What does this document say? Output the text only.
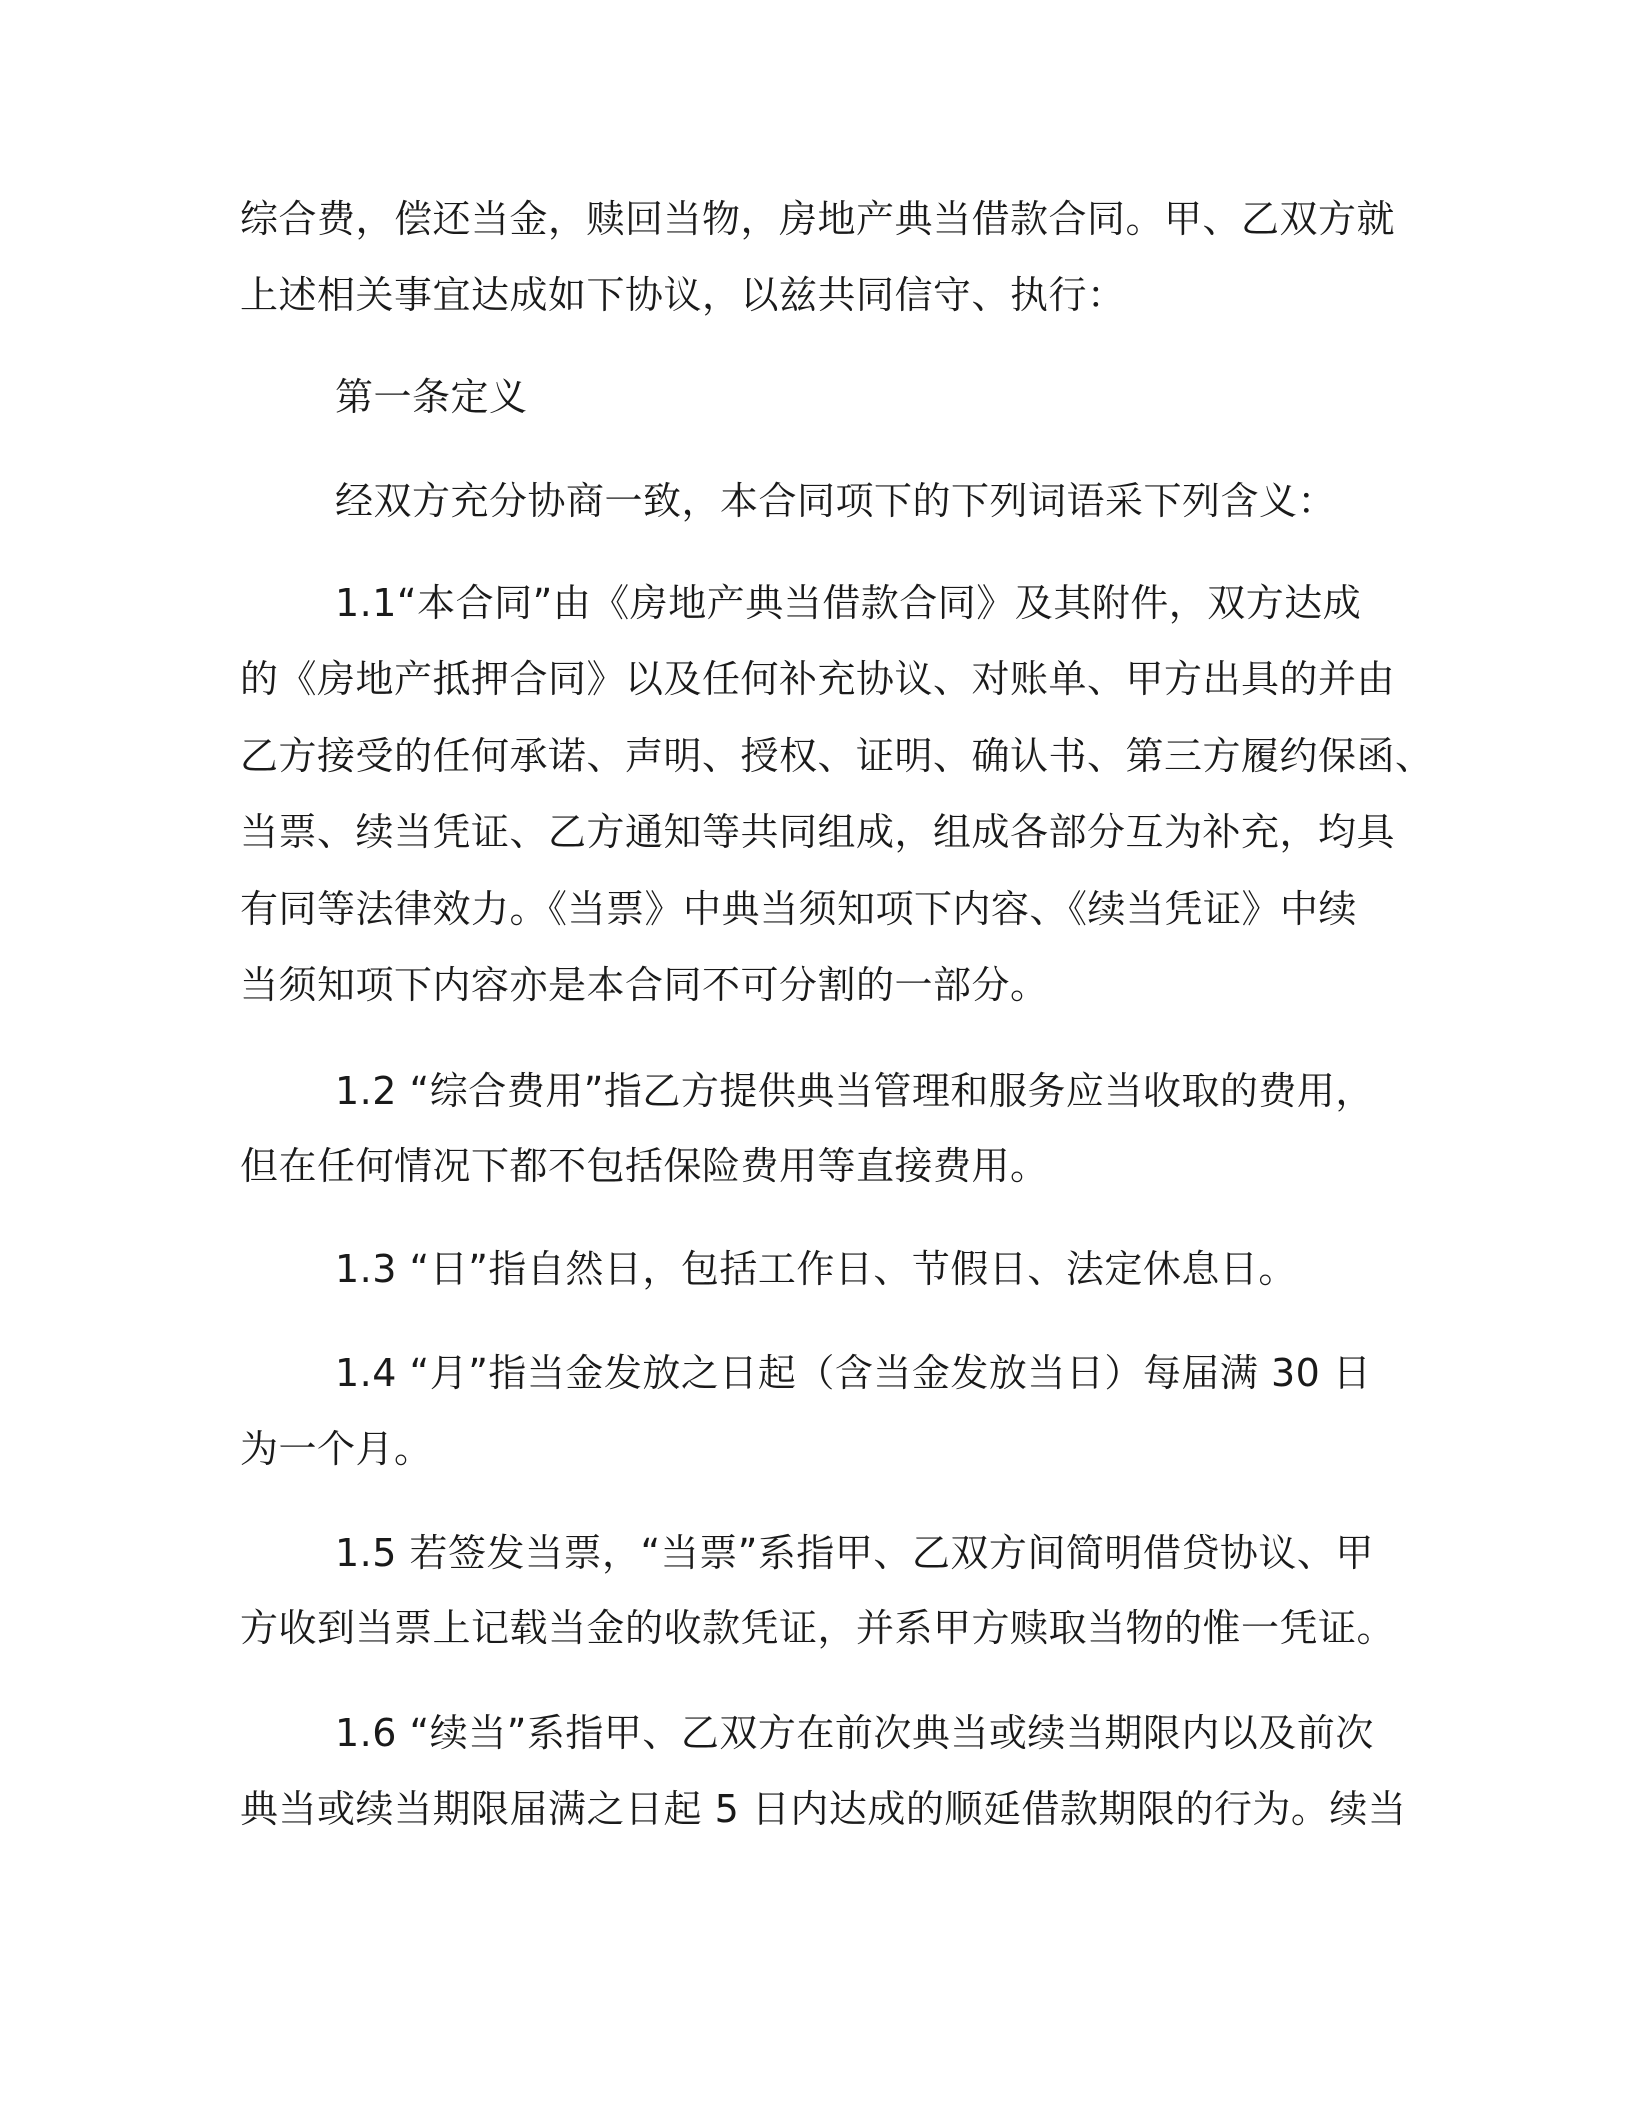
综合费，偿还当金，赎回当物，房地产典当借款合同。甲、乙双方就
上述相关事宜达成如下协议，以兹共同信守、执行：
第一条定义
经双方充分协商一致，本合同项下的下列词语采下列含义：
1.1“本合同”由《房地产典当借款合同》及其附件，双方达成
的《房地产抵押合同》以及任何补充协议、对账单、甲方出具的并由
乙方接受的任何承诺、声明、授权、证明、确认书、第三方履约保函、
当票、续当凭证、乙方通知等共同组成，组成各部分互为补充，均具
有同等法律效力。《当票》中典当须知项下内容、《续当凭证》中续
当须知项下内容亦是本合同不可分割的一部分。
1.2 “综合费用”指乙方提供典当管理和服务应当收取的费用，
但在任何情况下都不包括保险费用等直接费用。
1.3 “日”指自然日，包括工作日、节假日、法定休息日。
1.4 “月”指当金发放之日起（含当金发放当日）每届满 30 日
为一个月。
1.5 若签发当票，“当票”系指甲、乙双方间简明借贷协议、甲
方收到当票上记载当金的收款凭证，并系甲方赎取当物的惟一凭证。
1.6 “续当”系指甲、乙双方在前次典当或续当期限内以及前次
典当或续当期限届满之日起 5 日内达成的顺延借款期限的行为。续当
